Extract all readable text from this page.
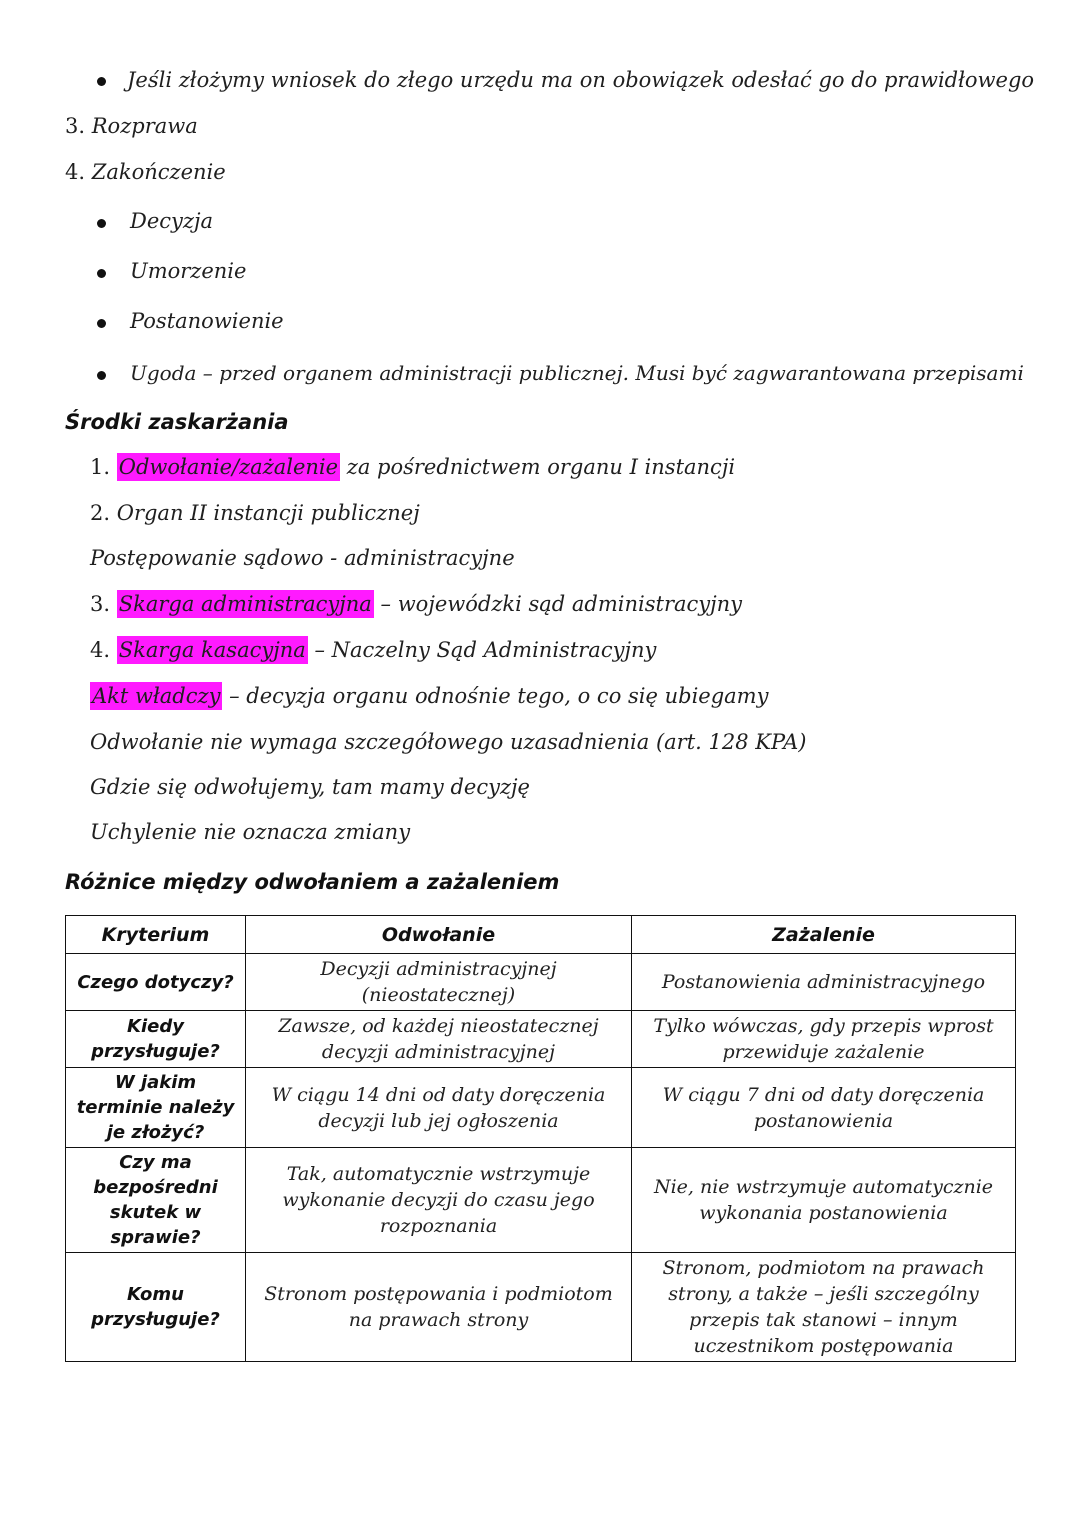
Jeśli złożymy wniosek do złego urzędu ma on obowiązek odesłać go do prawidłowego
3. Rozprawa
4. Zakończenie
Decyzja
Umorzenie
Postanowienie
Ugoda – przed organem administracji publicznej. Musi być zagwarantowana przepisami
Środki zaskarżania
1. Odwołanie/zażalenie za pośrednictwem organu I instancji
2. Organ II instancji publicznej
Postępowanie sądowo - administracyjne
3. Skarga administracyjna – wojewódzki sąd administracyjny
4. Skarga kasacyjna – Naczelny Sąd Administracyjny
Akt władczy – decyzja organu odnośnie tego, o co się ubiegamy
Odwołanie nie wymaga szczegółowego uzasadnienia (art. 128 KPA)
Gdzie się odwołujemy, tam mamy decyzję
Uchylenie nie oznacza zmiany
Różnice między odwołaniem a zażaleniem
Kryterium	Odwołanie	Zażalenie
Czego dotyczy?	Decyzji administracyjnej (nieostatecznej)	Postanowienia administracyjnego
Kiedy przysługuje?	Zawsze, od każdej nieostatecznej decyzji administracyjnej	Tylko wówczas, gdy przepis wprost przewiduje zażalenie
W jakim terminie należy je złożyć?	W ciągu 14 dni od daty doręczenia decyzji lub jej ogłoszenia	W ciągu 7 dni od daty doręczenia postanowienia
Czy ma bezpośredni skutek w sprawie?	Tak, automatycznie wstrzymuje wykonanie decyzji do czasu jego rozpoznania	Nie, nie wstrzymuje automatycznie wykonania postanowienia
Komu przysługuje?	Stronom postępowania i podmiotom na prawach strony	Stronom, podmiotom na prawach strony, a także – jeśli szczególny przepis tak stanowi – innym uczestnikom postępowania
